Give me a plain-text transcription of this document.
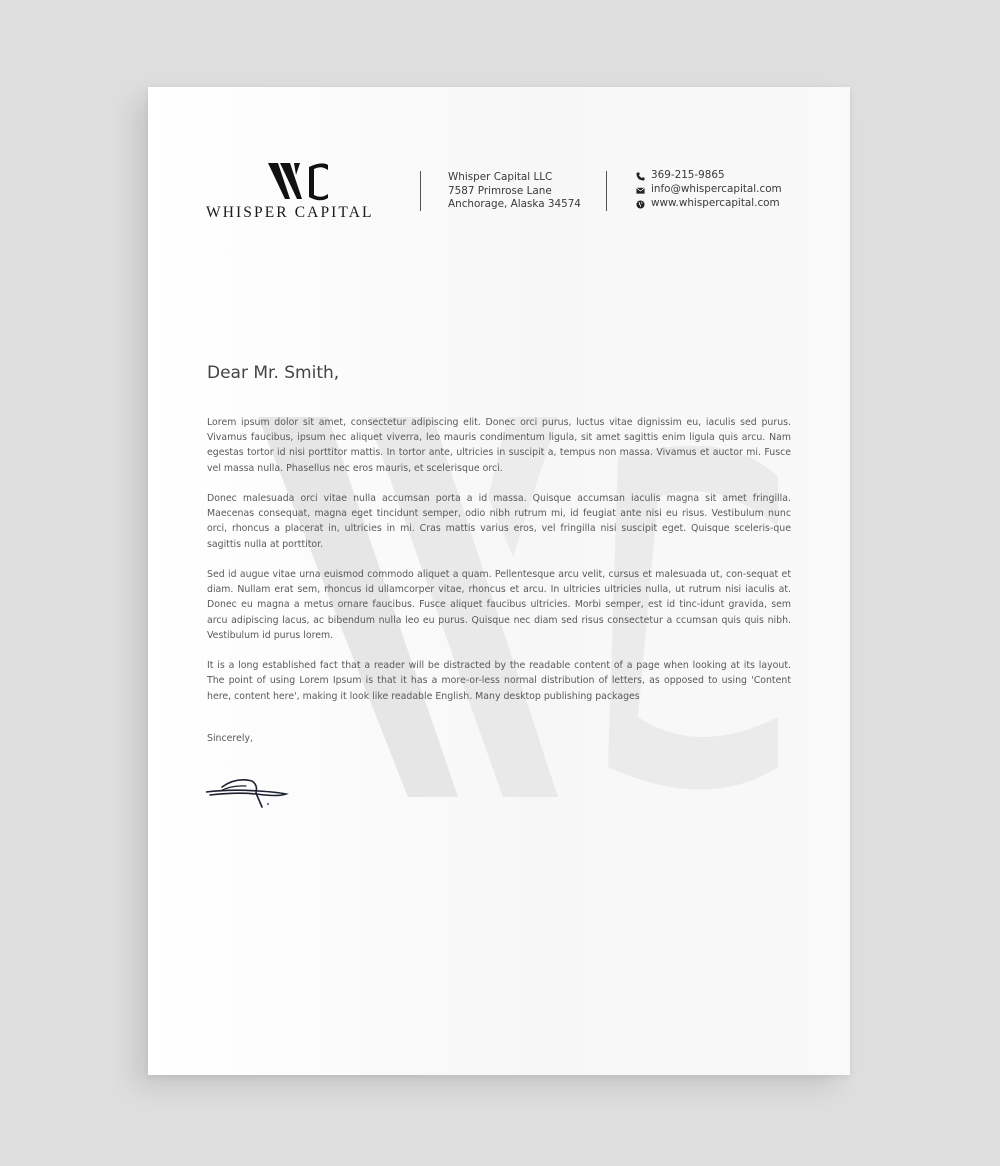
WHISPER CAPITAL
Whisper Capital LLC
7587 Primrose Lane
Anchorage, Alaska 34574
369-215-9865
info@whispercapital.com
www.whispercapital.com
Dear Mr. Smith,

Lorem ipsum dolor sit amet, consectetur adipiscing elit. Donec orci purus, luctus vitae dignissim eu, iaculis sed purus. Vivamus faucibus, ipsum nec aliquet viverra, leo mauris condimentum ligula, sit amet sagittis enim ligula quis arcu. Nam egestas tortor id nisi porttitor mattis. In tortor ante, ultricies in suscipit a, tempus non massa. Vivamus et auctor mi. Fusce vel massa nulla. Phasellus nec eros mauris, et scelerisque orci.

Donec malesuada orci vitae nulla accumsan porta a id massa. Quisque accumsan iaculis magna sit amet fringilla. Maecenas consequat, magna eget tincidunt semper, odio nibh rutrum mi, id feugiat ante nisi eu risus. Vestibulum nunc orci, rhoncus a placerat in, ultricies in mi. Cras mattis varius eros, vel fringilla nisi suscipit eget. Quisque sceleris-que sagittis nulla at porttitor.

Sed id augue vitae urna euismod commodo aliquet a quam. Pellentesque arcu velit, cursus et malesuada ut, con-sequat et diam. Nullam erat sem, rhoncus id ullamcorper vitae, rhoncus et arcu. In ultricies ultricies nulla, ut rutrum nisi iaculis at. Donec eu magna a metus ornare faucibus. Fusce aliquet faucibus ultricies. Morbi semper, est id tinc-idunt gravida, sem arcu adipiscing lacus, ac bibendum nulla leo eu purus. Quisque nec diam sed risus consectetur a ccumsan quis quis nibh. Vestibulum id purus lorem.

It is a long established fact that a reader will be distracted by the readable content of a page when looking at its layout. The point of using Lorem Ipsum is that it has a more-or-less normal distribution of letters, as opposed to using 'Content here, content here', making it look like readable English. Many desktop publishing packages

Sincerely,
